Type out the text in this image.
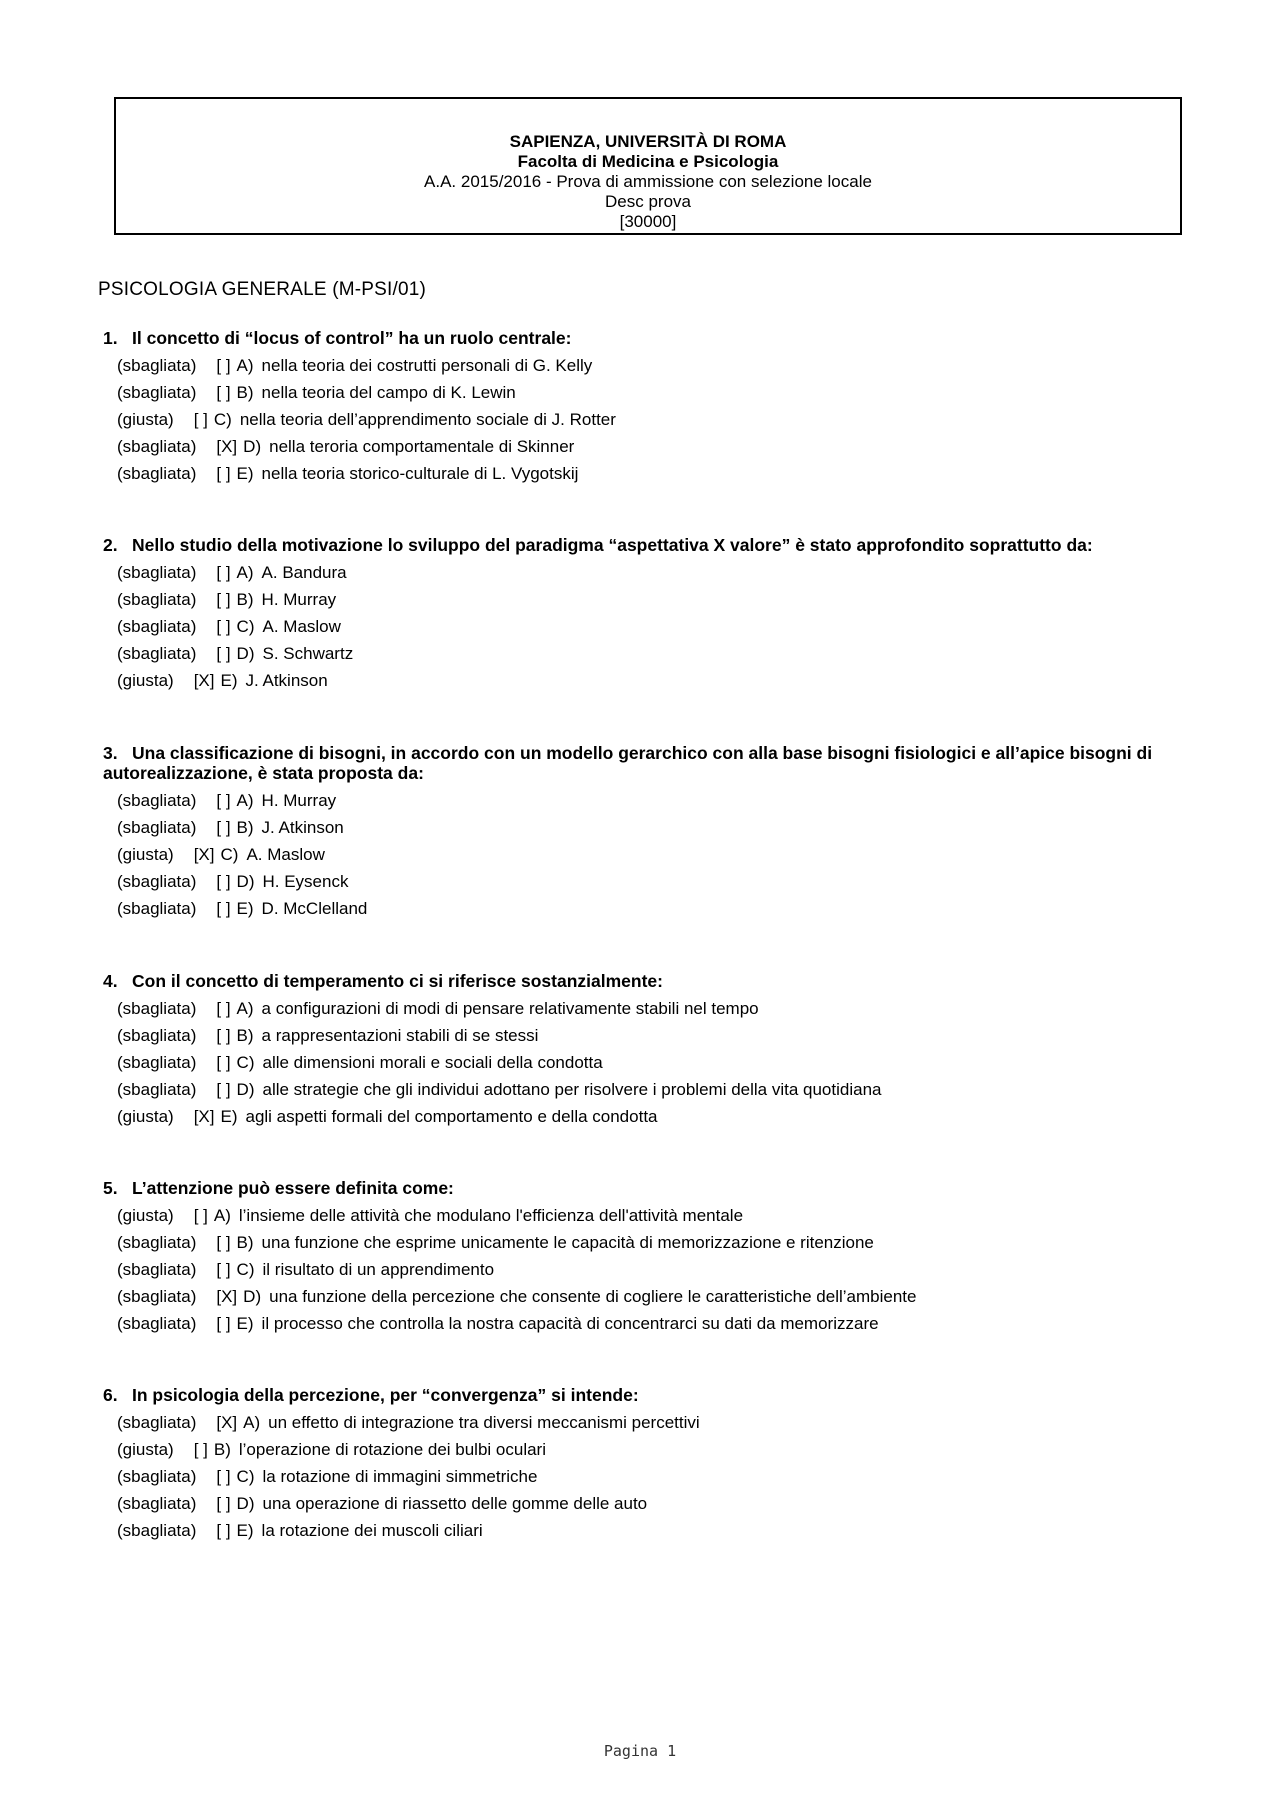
SAPIENZA, UNIVERSITÀ DI ROMA
Facolta di Medicina e Psicologia
A.A. 2015/2016 - Prova di ammissione con selezione locale
Desc prova
[30000]
PSICOLOGIA GENERALE (M-PSI/01)

1. Il concetto di “locus of control” ha un ruolo centrale:

(sbagliata) [ ] A) nella teoria dei costrutti personali di G. Kelly
(sbagliata) [ ] B) nella teoria del campo di K. Lewin
(giusta) [ ] C) nella teoria dell’apprendimento sociale di J. Rotter
(sbagliata) [X] D) nella teroria comportamentale di Skinner
(sbagliata) [ ] E) nella teoria storico-culturale di L. Vygotskij

2. Nello studio della motivazione lo sviluppo del paradigma “aspettativa X valore” è stato approfondito soprattutto da:

(sbagliata) [ ] A) A. Bandura
(sbagliata) [ ] B) H. Murray
(sbagliata) [ ] C) A. Maslow
(sbagliata) [ ] D) S. Schwartz
(giusta) [X] E) J. Atkinson

3. Una classificazione di bisogni, in accordo con un modello gerarchico con alla base bisogni fisiologici e all’apice bisogni di autorealizzazione, è stata proposta da:

(sbagliata) [ ] A) H. Murray
(sbagliata) [ ] B) J. Atkinson
(giusta) [X] C) A. Maslow
(sbagliata) [ ] D) H. Eysenck
(sbagliata) [ ] E) D. McClelland

4. Con il concetto di temperamento ci si riferisce sostanzialmente:

(sbagliata) [ ] A) a configurazioni di modi di pensare relativamente stabili nel tempo
(sbagliata) [ ] B) a rappresentazioni stabili di se stessi
(sbagliata) [ ] C) alle dimensioni morali e sociali della condotta
(sbagliata) [ ] D) alle strategie che gli individui adottano per risolvere i problemi della vita quotidiana
(giusta) [X] E) agli aspetti formali del comportamento e della condotta

5. L’attenzione può essere definita come:

(giusta) [ ] A) l’insieme delle attività che modulano l'efficienza dell'attività mentale
(sbagliata) [ ] B) una funzione che esprime unicamente le capacità di memorizzazione e ritenzione
(sbagliata) [ ] C) il risultato di un apprendimento
(sbagliata) [X] D) una funzione della percezione che consente di cogliere le caratteristiche dell’ambiente
(sbagliata) [ ] E) il processo che controlla la nostra capacità di concentrarci su dati da memorizzare

6. In psicologia della percezione, per “convergenza” si intende:

(sbagliata) [X] A) un effetto di integrazione tra diversi meccanismi percettivi
(giusta) [ ] B) l’operazione di rotazione dei bulbi oculari
(sbagliata) [ ] C) la rotazione di immagini simmetriche
(sbagliata) [ ] D) una operazione di riassetto delle gomme delle auto
(sbagliata) [ ] E) la rotazione dei muscoli ciliari
Pagina 1
